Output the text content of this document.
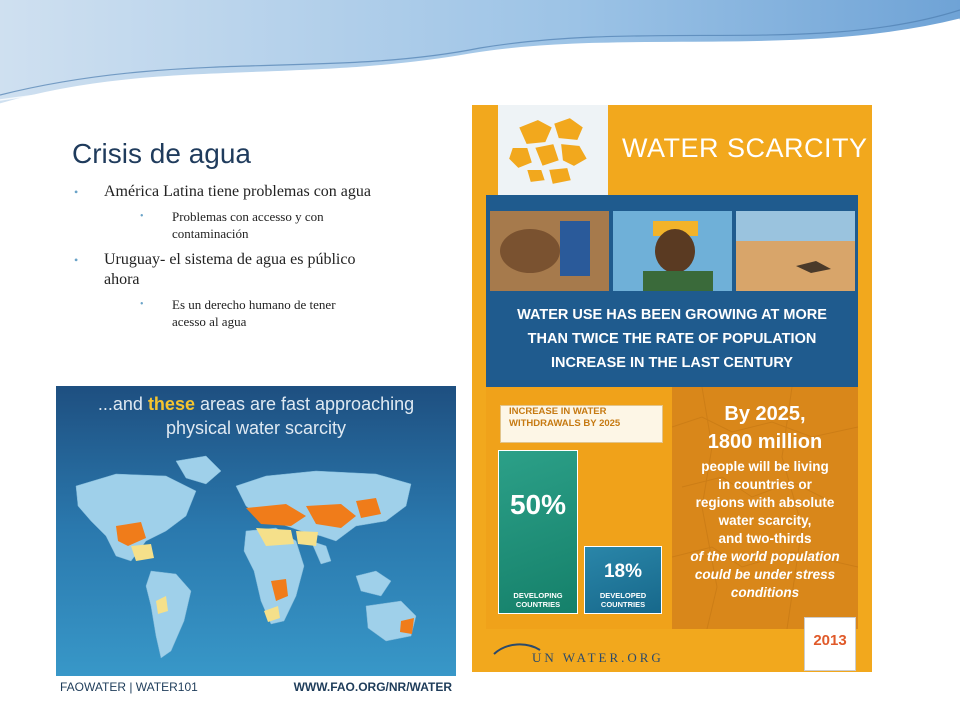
Crisis de agua
• América Latina tiene problemas con agua
• Problemas con accesso y con contaminación
• Uruguay- el sistema de agua es público ahora
• Es un derecho humano de tener acesso al agua
...and these areas are fast approaching
physical water scarcity
FAOWATER | WATER101	WWW.FAO.ORG/NR/WATER
WATER SCARCITY
WATER USE HAS BEEN GROWING AT MORE
THAN TWICE THE RATE OF POPULATION
INCREASE IN THE LAST CENTURY
INCREASE IN WATER
WITHDRAWALS BY 2025
50%
DEVELOPING
COUNTRIES
18%
DEVELOPED
COUNTRIES
By 2025,
1800 million
people will be living
in countries or
regions with absolute
water scarcity,
and two-thirds
of the world population
could be under stress
conditions
UN WATER.ORG
2013
